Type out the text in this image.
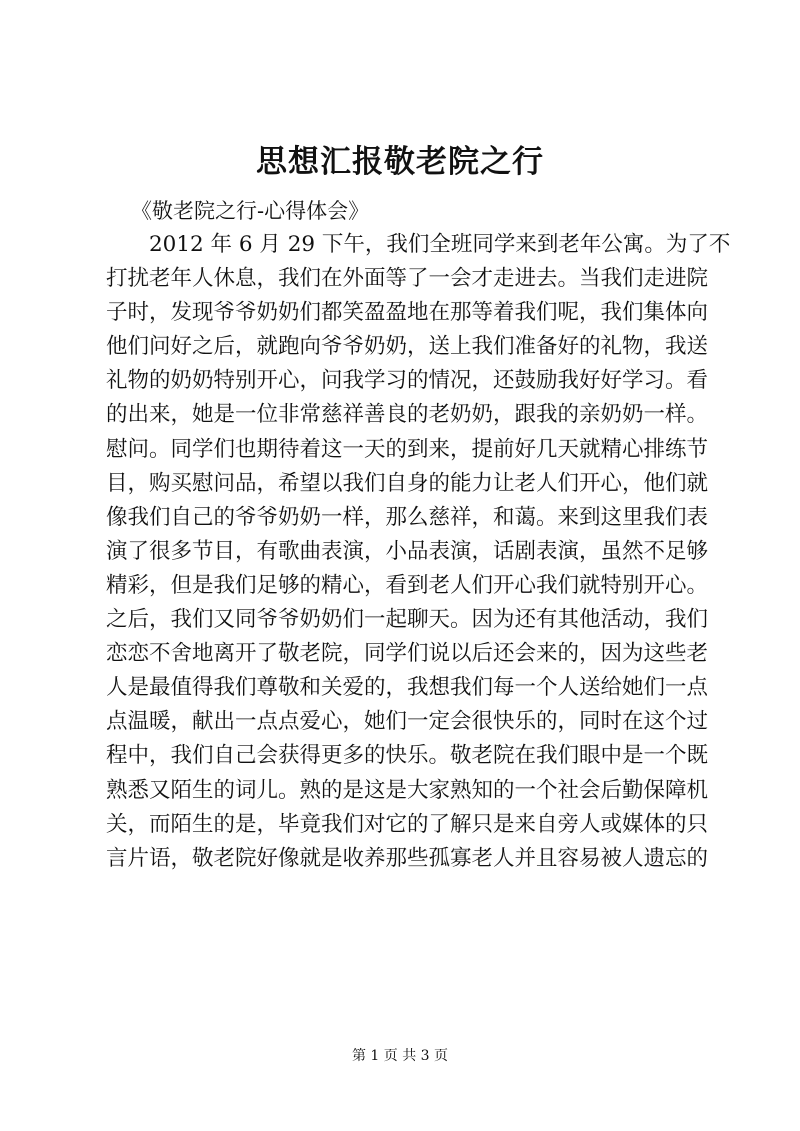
思想汇报敬老院之行
《敬老院之行-心得体会》
2012 年 6 月 29 下午，我们全班同学来到老年公寓。为了不
打扰老年人休息，我们在外面等了一会才走进去。当我们走进院
子时，发现爷爷奶奶们都笑盈盈地在那等着我们呢，我们集体向
他们问好之后，就跑向爷爷奶奶，送上我们准备好的礼物，我送
礼物的奶奶特别开心，问我学习的情况，还鼓励我好好学习。看
的出来，她是一位非常慈祥善良的老奶奶，跟我的亲奶奶一样。
慰问。同学们也期待着这一天的到来，提前好几天就精心排练节
目，购买慰问品，希望以我们自身的能力让老人们开心，他们就
像我们自己的爷爷奶奶一样，那么慈祥，和蔼。来到这里我们表
演了很多节目，有歌曲表演，小品表演，话剧表演，虽然不足够
精彩，但是我们足够的精心，看到老人们开心我们就特别开心。
之后，我们又同爷爷奶奶们一起聊天。因为还有其他活动，我们
恋恋不舍地离开了敬老院，同学们说以后还会来的，因为这些老
人是最值得我们尊敬和关爱的，我想我们每一个人送给她们一点
点温暖，献出一点点爱心，她们一定会很快乐的，同时在这个过
程中，我们自己会获得更多的快乐。敬老院在我们眼中是一个既
熟悉又陌生的词儿。熟的是这是大家熟知的一个社会后勤保障机
关，而陌生的是，毕竟我们对它的了解只是来自旁人或媒体的只
言片语，敬老院好像就是收养那些孤寡老人并且容易被人遗忘的
第 1 页 共 3 页
